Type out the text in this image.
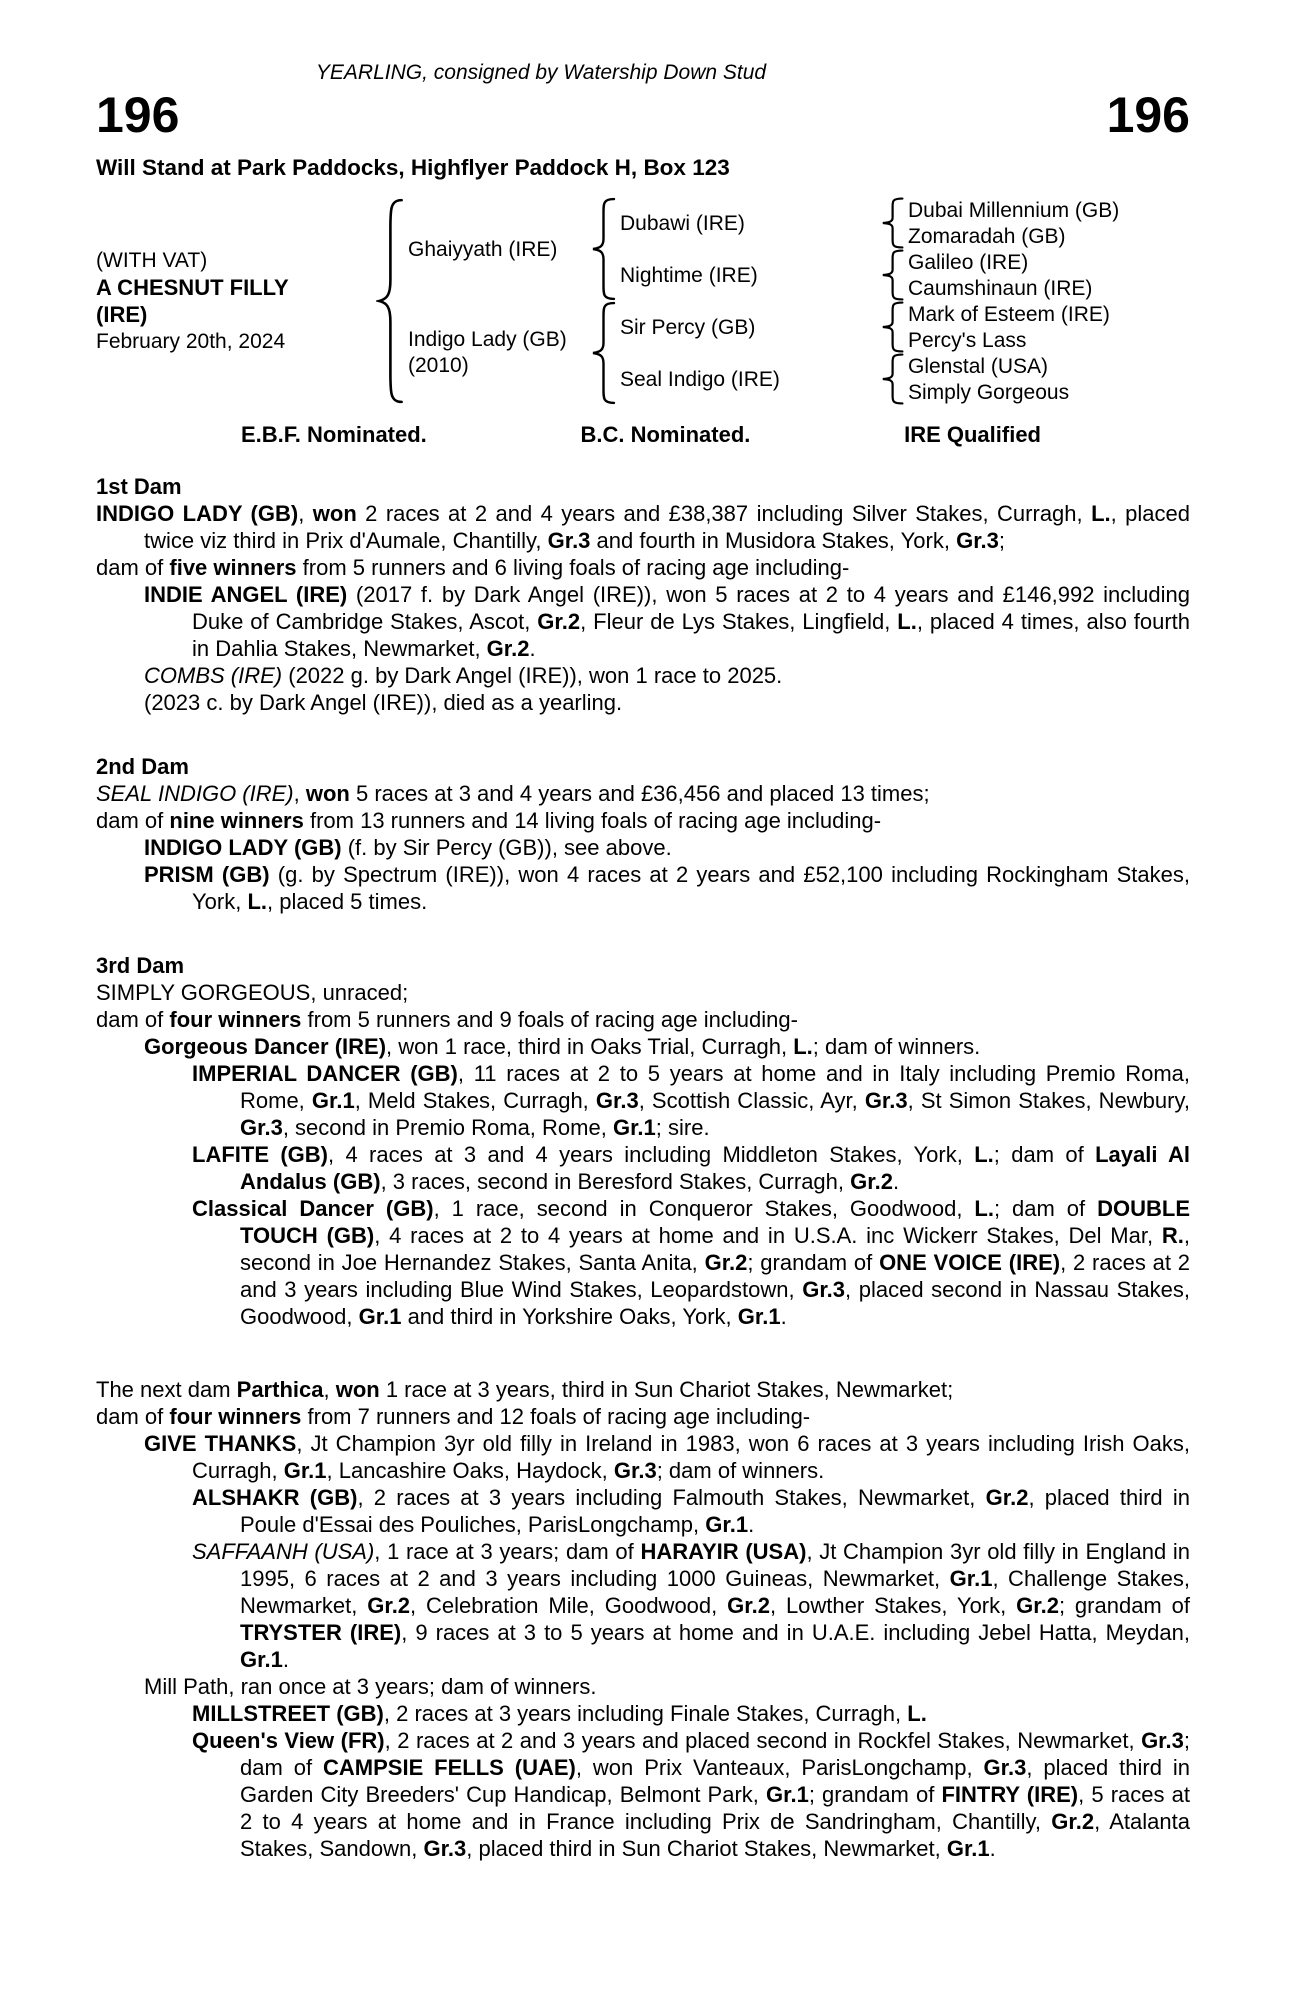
YEARLING, consigned by Watership Down Stud
196	196
Will Stand at Park Paddocks, Highflyer Paddock H, Box 123
(WITH VAT)
A CHESNUT FILLY
(IRE)
February 20th, 2024
Ghaiyyath (IRE)
Indigo Lady (GB)
(2010)
Dubawi (IRE)
Nightime (IRE)
Sir Percy (GB)
Seal Indigo (IRE)
Dubai Millennium (GB)
Zomaradah (GB)
Galileo (IRE)
Caumshinaun (IRE)
Mark of Esteem (IRE)
Percy's Lass
Glenstal (USA)
Simply Gorgeous
E.B.F. Nominated.	B.C. Nominated.	IRE Qualified
1st Dam

INDIGO LADY (GB), won 2 races at 2 and 4 years and £38,387 including Silver Stakes, Curragh, L., placed twice viz third in Prix d'Aumale, Chantilly, Gr.3 and fourth in Musidora Stakes, York, Gr.3;

dam of five winners from 5 runners and 6 living foals of racing age including-

INDIE ANGEL (IRE) (2017 f. by Dark Angel (IRE)), won 5 races at 2 to 4 years and £146,992 including Duke of Cambridge Stakes, Ascot, Gr.2, Fleur de Lys Stakes, Lingfield, L., placed 4 times, also fourth in Dahlia Stakes, Newmarket, Gr.2.

COMBS (IRE) (2022 g. by Dark Angel (IRE)), won 1 race to 2025.

(2023 c. by Dark Angel (IRE)), died as a yearling.

2nd Dam

SEAL INDIGO (IRE), won 5 races at 3 and 4 years and £36,456 and placed 13 times;

dam of nine winners from 13 runners and 14 living foals of racing age including-

INDIGO LADY (GB) (f. by Sir Percy (GB)), see above.

PRISM (GB) (g. by Spectrum (IRE)), won 4 races at 2 years and £52,100 including Rockingham Stakes, York, L., placed 5 times.

3rd Dam

SIMPLY GORGEOUS, unraced;

dam of four winners from 5 runners and 9 foals of racing age including-

Gorgeous Dancer (IRE), won 1 race, third in Oaks Trial, Curragh, L.; dam of winners.

IMPERIAL DANCER (GB), 11 races at 2 to 5 years at home and in Italy including Premio Roma, Rome, Gr.1, Meld Stakes, Curragh, Gr.3, Scottish Classic, Ayr, Gr.3, St Simon Stakes, Newbury, Gr.3, second in Premio Roma, Rome, Gr.1; sire.

LAFITE (GB), 4 races at 3 and 4 years including Middleton Stakes, York, L.; dam of Layali Al Andalus (GB), 3 races, second in Beresford Stakes, Curragh, Gr.2.

Classical Dancer (GB), 1 race, second in Conqueror Stakes, Goodwood, L.; dam of DOUBLE TOUCH (GB), 4 races at 2 to 4 years at home and in U.S.A. inc Wickerr Stakes, Del Mar, R., second in Joe Hernandez Stakes, Santa Anita, Gr.2; grandam of ONE VOICE (IRE), 2 races at 2 and 3 years including Blue Wind Stakes, Leopardstown, Gr.3, placed second in Nassau Stakes, Goodwood, Gr.1 and third in Yorkshire Oaks, York, Gr.1.

The next dam Parthica, won 1 race at 3 years, third in Sun Chariot Stakes, Newmarket;

dam of four winners from 7 runners and 12 foals of racing age including-

GIVE THANKS, Jt Champion 3yr old filly in Ireland in 1983, won 6 races at 3 years including Irish Oaks, Curragh, Gr.1, Lancashire Oaks, Haydock, Gr.3; dam of winners.

ALSHAKR (GB), 2 races at 3 years including Falmouth Stakes, Newmarket, Gr.2, placed third in Poule d'Essai des Pouliches, ParisLongchamp, Gr.1.

SAFFAANH (USA), 1 race at 3 years; dam of HARAYIR (USA), Jt Champion 3yr old filly in England in 1995, 6 races at 2 and 3 years including 1000 Guineas, Newmarket, Gr.1, Challenge Stakes, Newmarket, Gr.2, Celebration Mile, Goodwood, Gr.2, Lowther Stakes, York, Gr.2; grandam of TRYSTER (IRE), 9 races at 3 to 5 years at home and in U.A.E. including Jebel Hatta, Meydan, Gr.1.

Mill Path, ran once at 3 years; dam of winners.

MILLSTREET (GB), 2 races at 3 years including Finale Stakes, Curragh, L.

Queen's View (FR), 2 races at 2 and 3 years and placed second in Rockfel Stakes, Newmarket, Gr.3; dam of CAMPSIE FELLS (UAE), won Prix Vanteaux, ParisLongchamp, Gr.3, placed third in Garden City Breeders' Cup Handicap, Belmont Park, Gr.1; grandam of FINTRY (IRE), 5 races at 2 to 4 years at home and in France including Prix de Sandringham, Chantilly, Gr.2, Atalanta Stakes, Sandown, Gr.3, placed third in Sun Chariot Stakes, Newmarket, Gr.1.
